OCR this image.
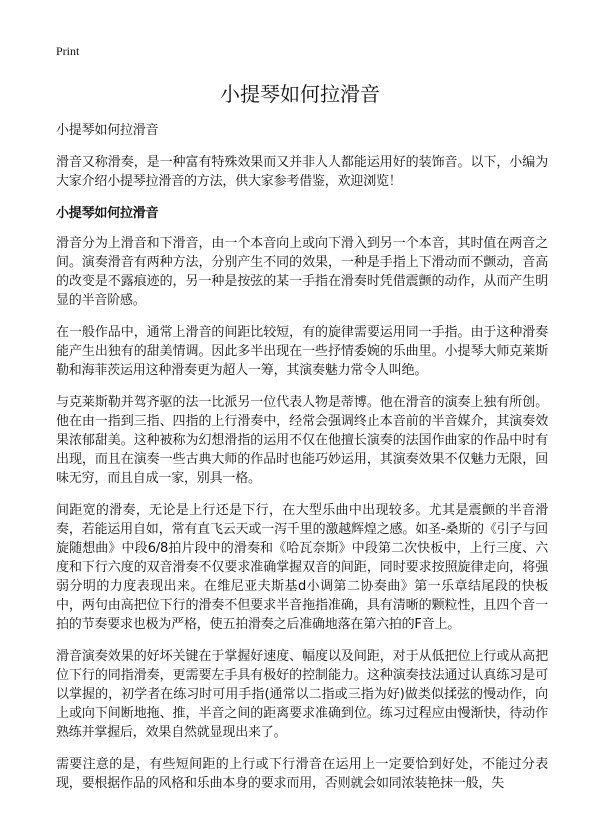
Print
小提琴如何拉滑音

小提琴如何拉滑音

滑音又称滑奏，是一种富有特殊效果而又并非人人都能运用好的装饰音。以下，小编为大家介绍小提琴拉滑音的方法，供大家参考借鉴，欢迎浏览！

小提琴如何拉滑音

滑音分为上滑音和下滑音，由一个本音向上或向下滑入到另一个本音，其时值在两音之间。演奏滑音有两种方法，分别产生不同的效果，一种是手指上下滑动而不颤动，音高的改变是不露痕迹的，另一种是按弦的某一手指在滑奏时凭借震颤的动作，从而产生明显的半音阶感。

在一般作品中，通常上滑音的间距比较短，有的旋律需要运用同一手指。由于这种滑奏能产生出独有的甜美情调。因此多半出现在一些抒情委婉的乐曲里。小提琴大师克莱斯勒和海菲茨运用这种滑奏更为超人一筹，其演奏魅力常令人叫绝。

与克莱斯勒并驾齐驱的法一比派另一位代表人物是蒂博。他在滑音的演奏上独有所创。他在由一指到三指、四指的上行滑奏中，经常会强调终止本音前的半音媒介，其演奏效果浓郁甜美。这种被称为幻想滑指的运用不仅在他擅长演奏的法国作曲家的作品中时有出现，而且在演奏一些古典大师的作品时也能巧妙运用，其演奏效果不仅魅力无限，回味无穷，而且自成一家，别具一格。

间距宽的滑奏，无论是上行还是下行，在大型乐曲中出现较多。尤其是震颤的半音滑奏，若能运用自如，常有直飞云天或一泻千里的激越辉煌之感。如圣-桑斯的《引子与回旋随想曲》中段6/8拍片段中的滑奏和《哈瓦奈斯》中段第二次快板中，上行三度、六度和下行六度的双音滑奏不仅要求准确掌握双音的间距，同时要求按照旋律走向，将强弱分明的力度表现出来。在维尼亚夫斯基d小调第二协奏曲》第一乐章结尾段的快板中，两句由高把位下行的滑奏不但要求半音拖指准确，具有清晰的颗粒性，且四个音一拍的节奏要求也极为严格，使五拍滑奏之后准确地落在第六拍的F音上。

滑音演奏效果的好坏关键在于掌握好速度、幅度以及间距，对于从低把位上行或从高把位下行的同指滑奏，更需要左手具有极好的控制能力。这种演奏技法通过认真练习是可以掌握的，初学者在练习时可用手指(通常以二指或三指为好)做类似揉弦的慢动作，向上或向下间断地拖、推，半音之间的距离要求准确到位。练习过程应由慢渐快，待动作熟练并掌握后，效果自然就显现出来了。

需要注意的是，有些短间距的上行或下行滑音在运用上一定要恰到好处，不能过分表现，要根据作品的风格和乐曲本身的要求而用，否则就会如同浓装艳抹一般，失
